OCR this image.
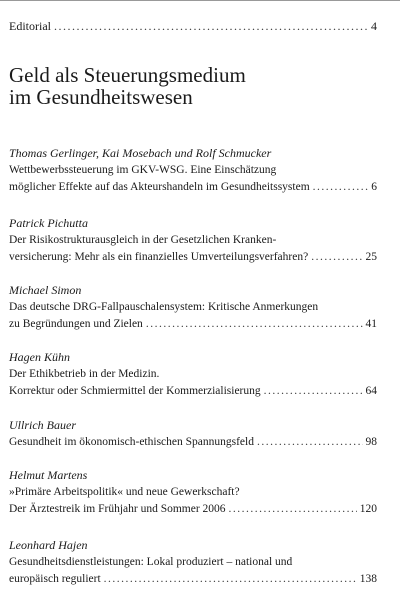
Editorial .....	4
Geld als Steuerungsmedium
im Gesundheitswesen
Thomas Gerlinger, Kai Mosebach und Rolf Schmucker
Wettbewerbssteuerung im GKV-WSG. Eine Einschätzung
möglicher Effekte auf das Akteurshandeln im Gesundheitssystem .....	6
Patrick Pichutta
Der Risikostrukturausgleich in der Gesetzlichen Kranken-
versicherung: Mehr als ein finanzielles Umverteilungsverfahren? .....	25
Michael Simon
Das deutsche DRG-Fallpauschalensystem: Kritische Anmerkungen
zu Begründungen und Zielen .....	41
Hagen Kühn
Der Ethikbetrieb in der Medizin.
Korrektur oder Schmiermittel der Kommerzialisierung .....	64
Ullrich Bauer
Gesundheit im ökonomisch-ethischen Spannungsfeld .....	98
Helmut Martens
»Primäre Arbeitspolitik« und neue Gewerkschaft?
Der Ärztestreik im Frühjahr und Sommer 2006 .....	120
Leonhard Hajen
Gesundheitsdienstleistungen: Lokal produziert – national und
europäisch reguliert .....	138
